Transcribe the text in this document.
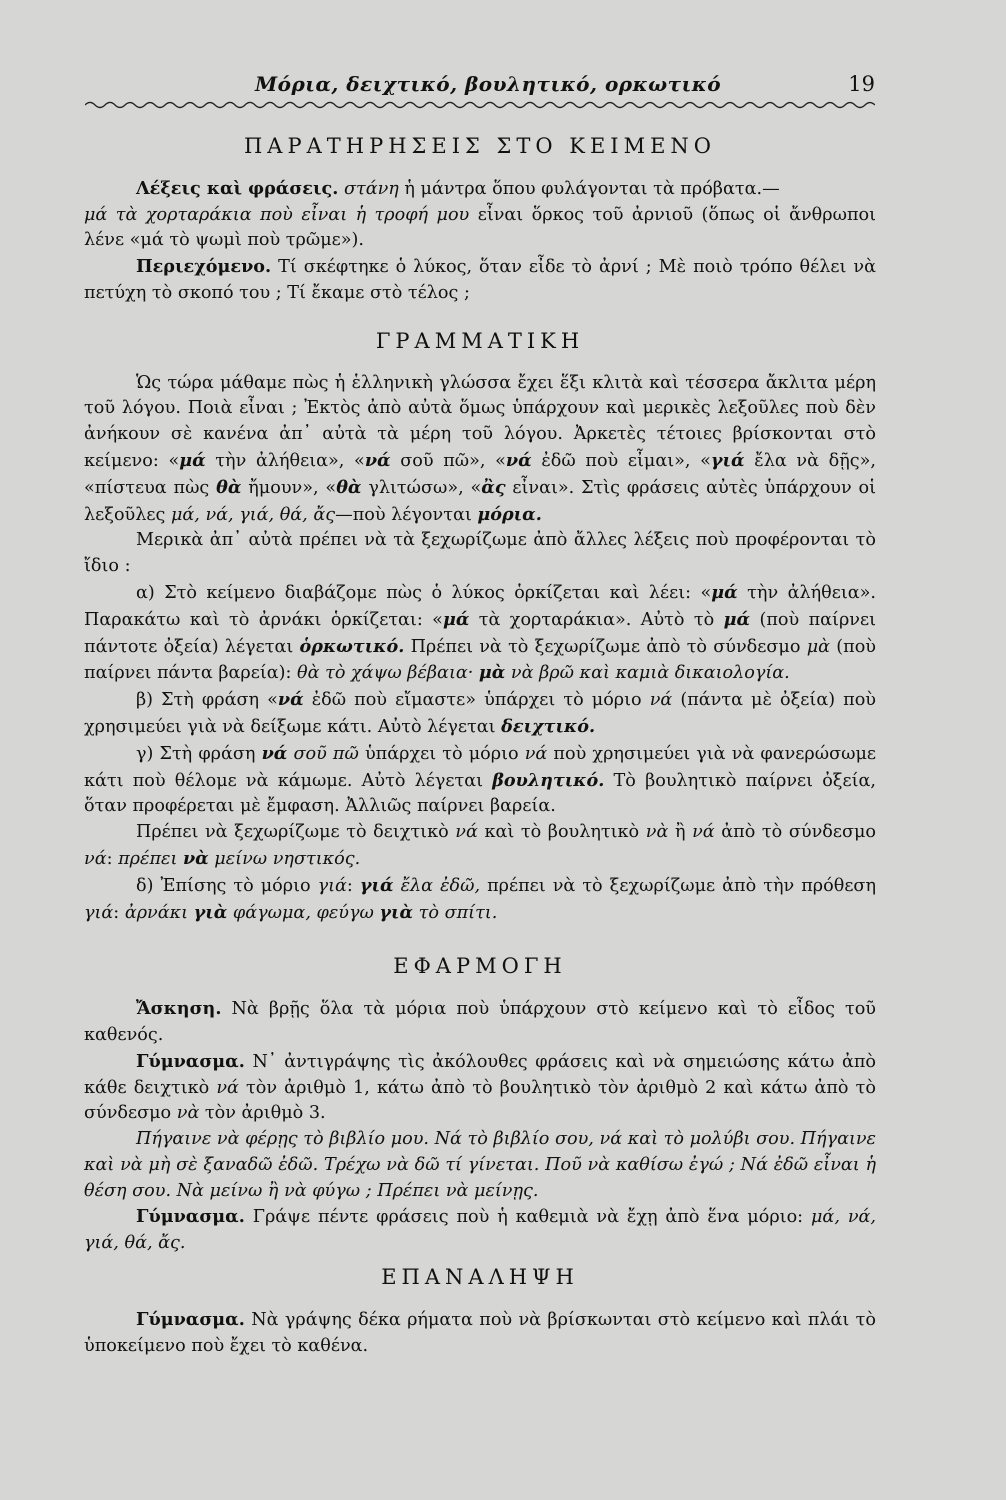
Μόρια, δειχτικό, βουλητικό, ορκωτικό	19
ΠΑΡΑΤΗΡΗΣΕΙΣ ΣΤΟ ΚΕΙΜΕΝΟ

Λέξεις καὶ φράσεις. στάνη ἡ μάντρα ὅπου φυλάγονται τὰ πρόβατα.—
μά τὰ χορταράκια ποὺ εἶναι ἡ τροφή μου εἶναι ὅρκος τοῦ ἀρνιοῦ (ὅπως οἱ ἄνθρωποι λένε «μά τὸ ψωμὶ ποὺ τρῶμε»).

Περιεχόμενο. Τί σκέφτηκε ὁ λύκος, ὅταν εἶδε τὸ ἀρνί ; Μὲ ποιὸ τρόπο θέλει νὰ πετύχη τὸ σκοπό του ; Τί ἔκαμε στὸ τέλος ;

ΓΡΑΜΜΑΤΙΚΗ

Ὡς τώρα μάθαμε πὼς ἡ ἑλληνικὴ γλώσσα ἔχει ἕξι κλιτὰ καὶ τέσσερα ἄκλιτα μέρη τοῦ λόγου. Ποιὰ εἶναι ; Ἐκτὸς ἀπὸ αὐτὰ ὅμως ὑπάρχουν καὶ μερικὲς λεξοῦλες ποὺ δὲν ἀνήκουν σὲ κανένα ἀπ᾽ αὐτὰ τὰ μέρη τοῦ λόγου. Ἀρκετὲς τέτοιες βρίσκονται στὸ κείμενο: «μά τὴν ἀλήθεια», «νά σοῦ πῶ», «νά ἐδῶ ποὺ εἶμαι», «γιά ἔλα νὰ δῇς», «πίστευα πὼς θὰ ἤμουν», «θὰ γλιτώσω», «ἂς εἶναι». Στὶς φράσεις αὐτὲς ὑπάρχουν οἱ λεξοῦλες μά, νά, γιά, θά, ἄς—ποὺ λέγονται μόρια.

Μερικὰ ἀπ᾽ αὐτὰ πρέπει νὰ τὰ ξεχωρίζωμε ἀπὸ ἄλλες λέξεις ποὺ προφέρονται τὸ ἴδιο :

α) Στὸ κείμενο διαβάζομε πὼς ὁ λύκος ὁρκίζεται καὶ λέει: «μά τὴν ἀλήθεια». Παρακάτω καὶ τὸ ἀρνάκι ὁρκίζεται: «μά τὰ χορταράκια». Αὐτὸ τὸ μά (ποὺ παίρνει πάντοτε ὀξεία) λέγεται ὁρκωτικό. Πρέπει νὰ τὸ ξεχωρίζωμε ἀπὸ τὸ σύνδεσμο μὰ (ποὺ παίρνει πάντα βαρεία): θὰ τὸ χάψω βέβαια· μὰ νὰ βρῶ καὶ καμιὰ δικαιολογία.

β) Στὴ φράση «νά ἐδῶ ποὺ εἴμαστε» ὑπάρχει τὸ μόριο νά (πάντα μὲ ὀξεία) ποὺ χρησιμεύει γιὰ νὰ δείξωμε κάτι. Αὐτὸ λέγεται δειχτικό.

γ) Στὴ φράση νά σοῦ πῶ ὑπάρχει τὸ μόριο νά ποὺ χρησιμεύει γιὰ νὰ φανερώσωμε κάτι ποὺ θέλομε νὰ κάμωμε. Αὐτὸ λέγεται βουλητικό. Τὸ βουλητικὸ παίρνει ὀξεία, ὅταν προφέρεται μὲ ἔμφαση. Ἀλλιῶς παίρνει βαρεία.

Πρέπει νὰ ξεχωρίζωμε τὸ δειχτικὸ νά καὶ τὸ βουλητικὸ νὰ ἢ νά ἀπὸ τὸ σύνδεσμο νά: πρέπει νὰ μείνω νηστικός.

δ) Ἐπίσης τὸ μόριο γιά: γιά ἔλα ἐδῶ, πρέπει νὰ τὸ ξεχωρίζωμε ἀπὸ τὴν πρόθεση γιά: ἀρνάκι γιὰ φάγωμα, φεύγω γιὰ τὸ σπίτι.

ΕΦΑΡΜΟΓΗ

Ἄσκηση. Νὰ βρῇς ὅλα τὰ μόρια ποὺ ὑπάρχουν στὸ κείμενο καὶ τὸ εἶδος τοῦ καθενός.

Γύμνασμα. Ν᾽ ἀντιγράψης τὶς ἀκόλουθες φράσεις καὶ νὰ σημειώσης κάτω ἀπὸ κάθε δειχτικὸ νά τὸν ἀριθμὸ 1, κάτω ἀπὸ τὸ βουλητικὸ τὸν ἀριθμὸ 2 καὶ κάτω ἀπὸ τὸ σύνδεσμο νὰ τὸν ἀριθμὸ 3.

Πήγαινε νὰ φέρῃς τὸ βιβλίο μου. Νά τὸ βιβλίο σου, νά καὶ τὸ μολύβι σου. Πήγαινε καὶ νὰ μὴ σὲ ξαναδῶ ἐδῶ. Τρέχω νὰ δῶ τί γίνεται. Ποῦ νὰ καθίσω ἐγώ ; Νά ἐδῶ εἶναι ἡ θέση σου. Νὰ μείνω ἢ νὰ φύγω ; Πρέπει νὰ μείνῃς.

Γύμνασμα. Γράψε πέντε φράσεις ποὺ ἡ καθεμιὰ νὰ ἔχῃ ἀπὸ ἕνα μόριο: μά, νά, γιά, θά, ἄς.

ΕΠΑΝΑΛΗΨΗ

Γύμνασμα. Νὰ γράψης δέκα ρήματα ποὺ νὰ βρίσκωνται στὸ κείμενο καὶ πλάι τὸ ὑποκείμενο ποὺ ἔχει τὸ καθένα.
